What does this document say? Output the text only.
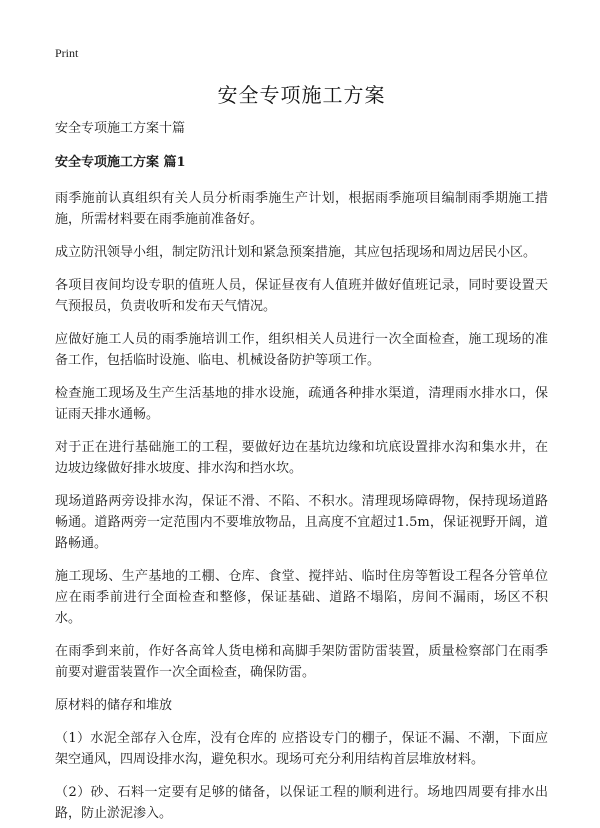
Print
安全专项施工方案

安全专项施工方案十篇

安全专项施工方案 篇1

雨季施前认真组织有关人员分析雨季施生产计划，根据雨季施项目编制雨季期施工措施，所需材料要在雨季施前准备好。

成立防汛领导小组，制定防汛计划和紧急预案措施，其应包括现场和周边居民小区。

各项目夜间均设专职的值班人员，保证昼夜有人值班并做好值班记录，同时要设置天气预报员，负责收听和发布天气情况。

应做好施工人员的雨季施培训工作，组织相关人员进行一次全面检查，施工现场的准备工作，包括临时设施、临电、机械设备防护等项工作。

检查施工现场及生产生活基地的排水设施，疏通各种排水渠道，清理雨水排水口，保证雨天排水通畅。

对于正在进行基础施工的工程，要做好边在基坑边缘和坑底设置排水沟和集水井，在边坡边缘做好排水坡度、排水沟和挡水坎。

现场道路两旁设排水沟，保证不滑、不陷、不积水。清理现场障碍物，保持现场道路畅通。道路两旁一定范围内不要堆放物品，且高度不宜超过1.5m，保证视野开阔，道路畅通。

施工现场、生产基地的工棚、仓库、食堂、搅拌站、临时住房等暂设工程各分管单位应在雨季前进行全面检查和整修，保证基础、道路不塌陷，房间不漏雨，场区不积水。

在雨季到来前，作好各高耸人货电梯和高脚手架防雷防雷装置，质量检察部门在雨季前要对避雷装置作一次全面检查，确保防雷。

原材料的储存和堆放

（1）水泥全部存入仓库，没有仓库的 应搭设专门的棚子，保证不漏、不潮，下面应架空通风，四周设排水沟，避免积水。现场可充分利用结构首层堆放材料。

（2）砂、石料一定要有足够的储备，以保证工程的顺利进行。场地四周要有排水出路，防止淤泥渗入。
